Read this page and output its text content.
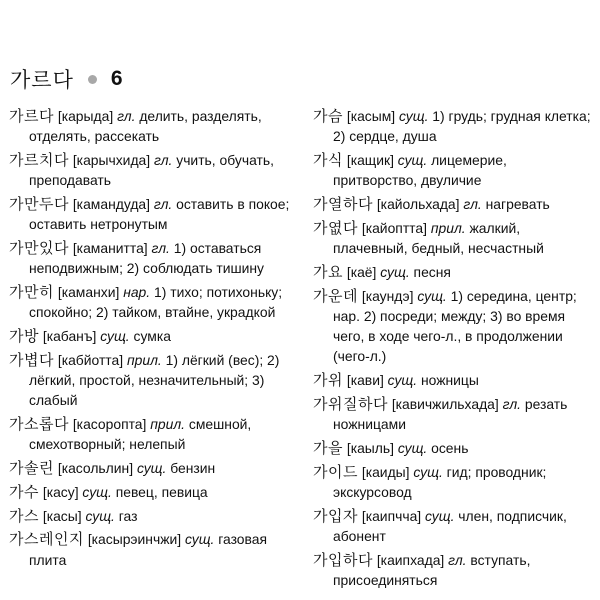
가르다 6
가르다 [карыда] гл. делить, разделять, отделять, рассекать
가르치다 [карычхида] гл. учить, обучать, преподавать
가만두다 [камандуда] гл. оставить в покое; оставить нетронутым
가만있다 [каманитта] гл. 1) оставаться неподвижным; 2) соблюдать тишину
가만히 [каманхи] нар. 1) тихо; потихоньку; спокойно; 2) тайком, втайне, украдкой
가방 [кабанъ] сущ. сумка
가볍다 [кабйотта] прил. 1) лёгкий (вес); 2) лёгкий, простой, незначительный; 3) слабый
가소롭다 [касоропта] прил. смешной, смехотворный; нелепый
가솔린 [касольлин] сущ. бензин
가수 [касу] сущ. певец, певица
가스 [касы] сущ. газ
가스레인지 [касырэинчжи] сущ. газовая плита
가슴 [касым] сущ. 1) грудь; грудная клетка; 2) сердце, душа
가식 [кащик] сущ. лицемерие, притворство, двуличие
가열하다 [кайольхада] гл. нагревать
가엾다 [кайоптта] прил. жалкий, плачевный, бедный, несчастный
가요 [каё] сущ. песня
가운데 [каундэ] сущ. 1) середина, центр; нар. 2) посреди; между; 3) во время чего, в ходе чего-л., в продолжении (чего-л.)
가위 [кави] сущ. ножницы
가위질하다 [кавичжильхада] гл. резать ножницами
가을 [каыль] сущ. осень
가이드 [каиды] сущ. гид; проводник; экскурсовод
가입자 [каипчча] сущ. член, подписчик, абонент
가입하다 [каипхада] гл. вступать, присоединяться
